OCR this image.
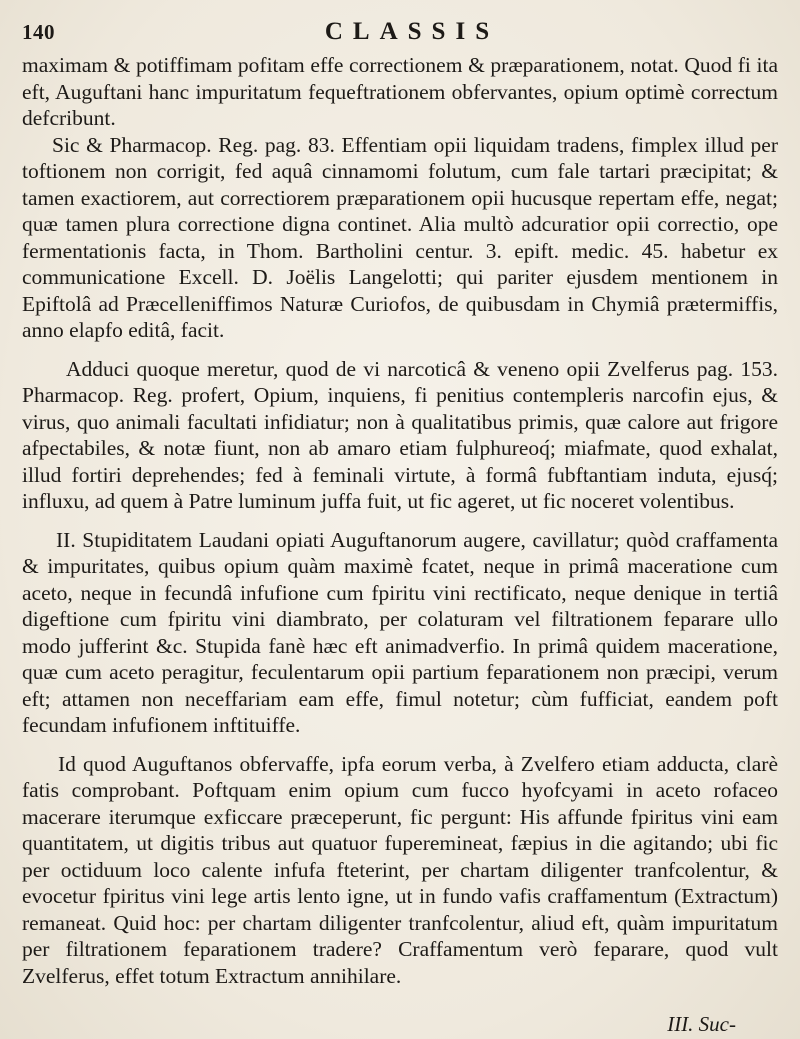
140	CLASSIS

maximam & potiffimam pofitam effe correctionem & præparationem, notat. Quod fi ita eft, Auguftani hanc impuritatum fequeftrationem obfervantes, opium optimè correctum defcribunt.

Sic & Pharmacop. Reg. pag. 83. Effentiam opii liquidam tradens, fimplex illud per toftionem non corrigit, fed aquâ cinnamomi folutum, cum fale tartari præcipitat; & tamen exactiorem, aut correctiorem præparationem opii hucusque repertam effe, negat; quæ tamen plura correctione digna continet. Alia multò adcuratior opii correctio, ope fermentationis facta, in Thom. Bartholini centur. 3. epift. medic. 45. habetur ex communicatione Excell. D. Joëlis Langelotti; qui pariter ejusdem mentionem in Epiftolâ ad Præcelleniffimos Naturæ Curiofos, de quibusdam in Chymiâ prætermiffis, anno elapfo editâ, facit.

Adduci quoque meretur, quod de vi narcoticâ & veneno opii Zvelferus pag. 153. Pharmacop. Reg. profert, Opium, inquiens, fi penitius contempleris narcofin ejus, & virus, quo animali facultati infidiatur; non à qualitatibus primis, quæ calore aut frigore afpectabiles, & notæ fiunt, non ab amaro etiam fulphureoq́; miafmate, quod exhalat, illud fortiri deprehendes; fed à feminali virtute, à formâ fubftantiam induta, ejusq́; influxu, ad quem à Patre luminum juffa fuit, ut fic ageret, ut fic noceret volentibus.

II. Stupiditatem Laudani opiati Auguftanorum augere, cavillatur; quòd craffamenta & impuritates, quibus opium quàm maximè fcatet, neque in primâ maceratione cum aceto, neque in fecundâ infufione cum fpiritu vini rectificato, neque denique in tertiâ digeftione cum fpiritu vini diambrato, per colaturam vel filtrationem feparare ullo modo jufferint &c. Stupida fanè hæc eft animadverfio. In primâ quidem maceratione, quæ cum aceto peragitur, feculentarum opii partium feparationem non præcipi, verum eft; attamen non neceffariam eam effe, fimul notetur; cùm fufficiat, eandem poft fecundam infufionem inftituiffe.

Id quod Auguftanos obfervaffe, ipfa eorum verba, à Zvelfero etiam adducta, clarè fatis comprobant. Poftquam enim opium cum fucco hyofcyami in aceto rofaceo macerare iterumque exficcare præceperunt, fic pergunt: His affunde fpiritus vini eam quantitatem, ut digitis tribus aut quatuor fuperemineat, fæpius in die agitando; ubi fic per octiduum loco calente infufa fteterint, per chartam diligenter tranfcolentur, & evocetur fpiritus vini lege artis lento igne, ut in fundo vafis craffamentum (Extractum) remaneat. Quid hoc: per chartam diligenter tranfcolentur, aliud eft, quàm impuritatum per filtrationem feparationem tradere? Craffamentum verò feparare, quod vult Zvelferus, effet totum Extractum annihilare.

III. Suc-
